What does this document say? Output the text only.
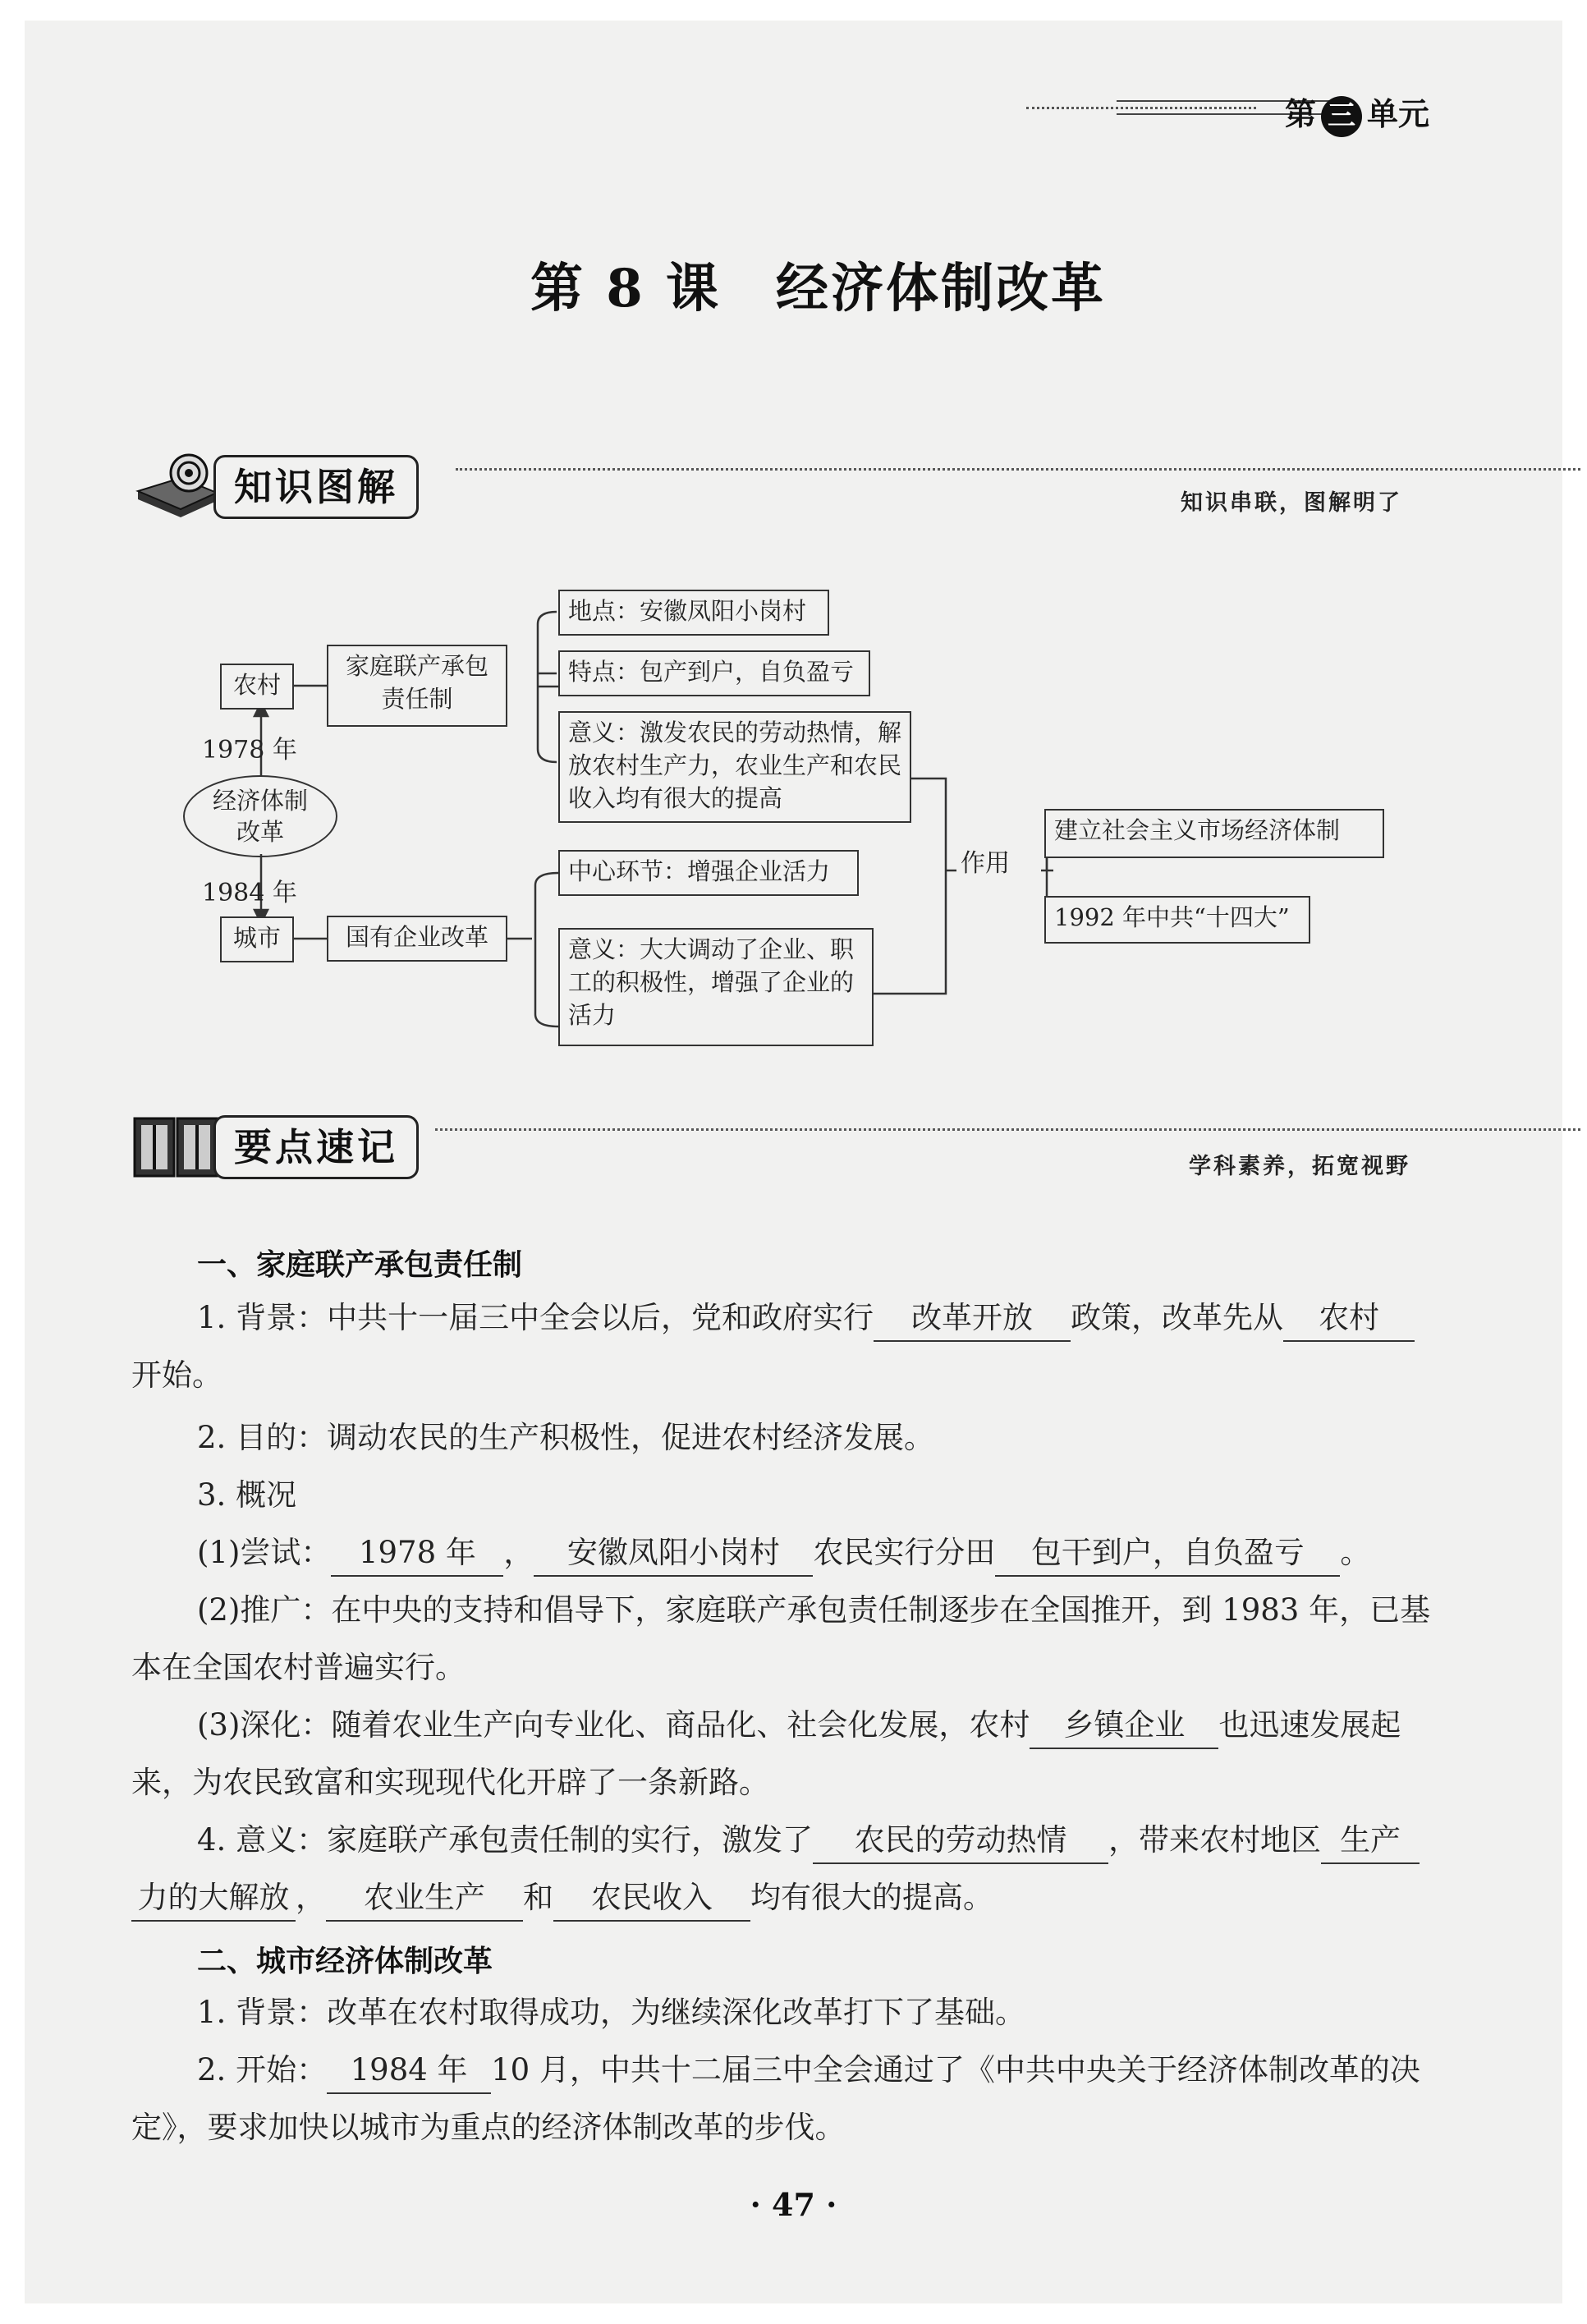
第 三 单元
第 8 课　经济体制改革
知识图解	知识串联，图解明了
农村
1978 年
经济体制改革
1984 年
城市
家庭联产承包责任制
地点：安徽凤阳小岗村
特点：包产到户，自负盈亏
意义：激发农民的劳动热情，解放农村生产力，农业生产和农民收入均有很大的提高
国有企业改革
中心环节：增强企业活力
意义：大大调动了企业、职工的积极性，增强了企业的活力
作用
建立社会主义市场经济体制
1992 年中共“十四大”
要点速记	学科素养，拓宽视野
一、家庭联产承包责任制
1. 背景：中共十一届三中全会以后，党和政府实行 改革开放 政策，改革先从 农村
开始。
2. 目的：调动农民的生产积极性，促进农村经济发展。
3. 概况
(1)尝试： 1978 年 ， 安徽凤阳小岗村 农民实行分田 包干到户，自负盈亏 。
(2)推广：在中央的支持和倡导下，家庭联产承包责任制逐步在全国推开，到 1983 年，已基本在全国农村普遍实行。
(3)深化：随着农业生产向专业化、商品化、社会化发展，农村 乡镇企业 也迅速发展起来，为农民致富和实现现代化开辟了一条新路。
4. 意义：家庭联产承包责任制的实行，激发了 农民的劳动热情 ，带来农村地区 生产
力的大解放 ， 农业生产 和 农民收入 均有很大的提高。
二、城市经济体制改革
1. 背景：改革在农村取得成功，为继续深化改革打下了基础。
2. 开始： 1984 年 10 月，中共十二届三中全会通过了《中共中央关于经济体制改革的决定》，要求加快以城市为重点的经济体制改革的步伐。
· 47 ·
